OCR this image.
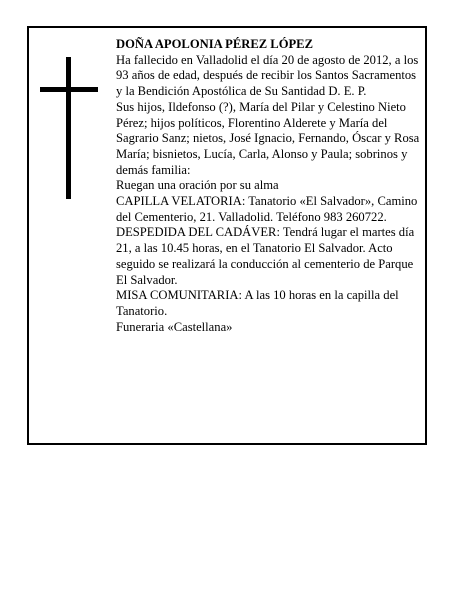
DOÑA APOLONIA PÉREZ LÓPEZ

Ha fallecido en Valladolid el día 20 de agosto de 2012, a los 93 años de edad, después de recibir los Santos Sacramentos y la Bendición Apostólica de Su Santidad D. E. P.

Sus hijos, Ildefonso (?), María del Pilar y Celestino Nieto Pérez; hijos políticos, Florentino Alderete y María del Sagrario Sanz; nietos, José Ignacio, Fernando, Óscar y Rosa María; bisnietos, Lucía, Carla, Alonso y Paula; sobrinos y demás familia:

Ruegan una oración por su alma

CAPILLA VELATORIA: Tanatorio «El Salvador», Camino del Cementerio, 21. Valladolid. Teléfono 983 260722.

DESPEDIDA DEL CADÁVER: Tendrá lugar el martes día 21, a las 10.45 horas, en el Tanatorio El Salvador. Acto seguido se realizará la conducción al cementerio de Parque El Salvador.

MISA COMUNITARIA: A las 10 horas en la capilla del Tanatorio.

Funeraria «Castellana»
